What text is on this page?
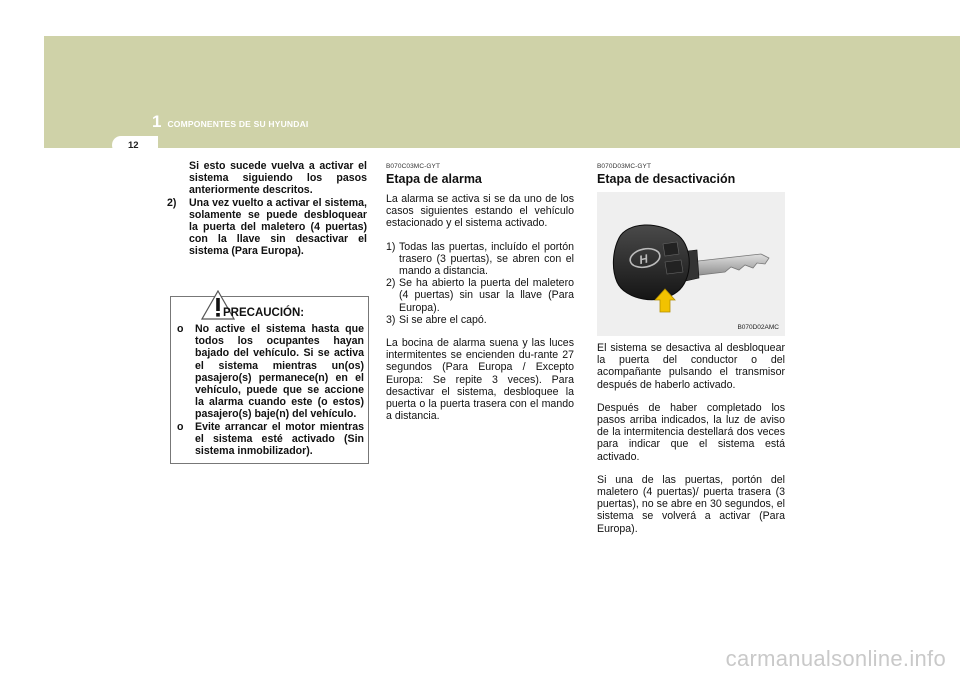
1 COMPONENTES DE SU HYUNDAI
12
Si esto sucede vuelva a activar el sistema siguiendo los pasos anteriormente descritos.
2)	Una vez vuelto a activar el sistema, solamente se puede desbloquear la puerta del maletero (4 puertas) con la llave sin desactivar el sistema (Para Europa).
PRECAUCIÓN:
o	No active el sistema hasta que todos los ocupantes hayan bajado del vehículo. Si se activa el sistema mientras un(os) pasajero(s) permanece(n) en el vehículo, puede que se accione la alarma cuando este (o estos) pasajero(s) baje(n) del vehículo.
o	Evite arrancar el motor mientras el sistema esté activado (Sin sistema inmobilizador).
B070C03MC-GYT
Etapa de alarma

La alarma se activa si se da uno de los casos siguientes estando el vehículo estacionado y el sistema activado.

1) Todas las puertas, incluído el portón trasero (3 puertas), se abren con el mando a distancia.
2) Se ha abierto la puerta del maletero (4 puertas) sin usar la llave (Para Europa).
3) Si se abre el capó.

La bocina de alarma suena y las luces intermitentes se encienden du-rante 27 segundos (Para Europa / Excepto Europa: Se repite 3 veces). Para desactivar el sistema, desbloquee la puerta o la puerta trasera con el mando a distancia.

B070D03MC-GYT
Etapa de desactivación
H
B070D02AMC

El sistema se desactiva al desbloquear la puerta del conductor o del acompañante pulsando el transmisor después de haberlo activado.

Después de haber completado los pasos arriba indicados, la luz de aviso de la intermitencia destellará dos veces para indicar que el sistema está activado.

Si una de las puertas, portón del maletero (4 puertas)/ puerta trasera (3 puertas), no se abre en 30 segundos, el sistema se volverá a activar (Para Europa).

carmanualsonline.info
